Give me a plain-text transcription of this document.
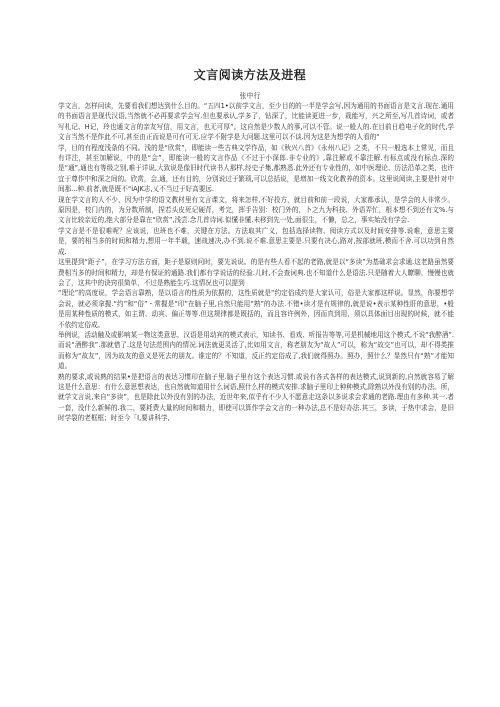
文言阅读方法及进程
张中行

学文言，怎样问读，先要看我们想达到什么目的。“五四1•以前学文言，至少目的的一半是学会写,因为通用的书面语言是文言.现在.通用的书面语言是现代汉语,当然就不必再要求学会写.但也要承认,学多了，钻深了，比能读更进一步，栽能写，兴之所至,写几首诗词，或者写札记、H记，玲也通文言的亲友写信，用文言，也无可厚”。这自然是少数人的事,可以不管。说一般人的.在目前日趋电子化的时代,学文言当然不是作此不可,甚至由正而说是可有可无.应学不附学是大问题.这里可以不谈.因为这是为想学的人看的“

学，目的有程度浅条的不同。浅的是“欣赏”，即能读一些古典文学作品，如《秋兴八首》《永州八记》之类，不只一般选本上常见，而且有详注，甚至加解说，中的是“会”，即能读一般的文言作品《不过于小深郎.非专业的》,靠注解或不靠注解.有标点或没有标点.深的是“通”,通也有等级之別,难于详说,大致说是像旧时代读书人那样,经史子集,都熟悉.此外还有专业性的，如中医理论、历法沿革之类，也许宜于尊作中和深之间的。欣赏，会,通，还有目的，分别说过于繁琐,可以总括说，是增加一线文化教养的资本。这里说阅读,主要是针对中间那...种.前者,就是既不“iAJK志,乂不当过于好高要远.

现在学文言的人不少，因为中学的语文教材里有文言课文，将来怎样,不好投方，就目前和前一段说，大家都承认，是学会的人非常少。原因是，校门内的，为分数所制，捏若头皮死记硬背，考完，挥手告别：校门外的，卜之九为科技、外语弄忙，根本想不到还有文%.与文言比较亲近的,绝大部分是靠在“欣赏”,浅尝.念几首诗词.似懂非懂.未移到先一处,面很生，不懒，总之，事实始没有学会.

学文言是不是很难呢？应该说，也班也不难，关键在方法。方法取其广义，包括选择读物、阅读方式以及时间安排等.说难，意思主要是，要的相当多的时间和精力,想用一年半载，速战速决,办不到.说不难.意思主要是.只要有决心,路对,按部就班,模而不舍.可以功到自然成.

这里提到“距子”，在学习方法方面，距子是原则问时，要先说说。的是有些人看不起的老路,就是以“多读”为基础求会求通.这老路虽然要费相当多的时间和精力，却是有保证的通路.我们都有学说话的经验.儿时,不会查词典.也不知道什么是语法.只是随着大人瞭聊，慢慢也就会了，这其中的诀窍很简单，不过是熟能生巧.这情况也可以提到

“理论”的高度说，学会语言靠熟，是以语言的性质为依据的，这性质就是“约定俗成约是大家认可，俗是大家都这样说。显然，你要想学会说，就必须拿握.“约”和“俗”・常握是“印”在脑子里,自然只能用“熟”的办法.不错•读才是有规律的,就是说•表示某种性肝的意思，•般是用某种性质的模式，如主谓、动宾、偏正等等.但这规律都是既括的，而且容许例外，因而真到用，须以具体面目出现的时候，就不能不依约定俗成。

举例说，活动触及或影响某一物这类意思，汉语是用动宾的模式表示，知读书、看戏、听报告等等,可是机械地用这个模式,不说“我醉酒”.而说“酒醉我”.那就惜了.这是句法范围内的情况.词法就更灵活了,比如用文言，称老朋友为“故人”可以，称为“故交”也可以，却不得类推而称为“故友”，因为故友的意义是死去的朋友。谁定的？不知道，反正约定俗成了,我们就得照办。照办，照什么？显然只有“熟”才能知道。

熟的要求,或说熟的结果•是把语言的表达习惯印在脑子里.脑子里有这个表达习惯.或说有各式各样的表达模式,说到新的,自然就容易了解这是什么意思：有什么意思想表达，也自然就知道用什么词语,照什么样的模式安排.求脑子里印上种种模式,除熟以外没有别的办法。所，就学文言说,来自“多读”，也是除此以外没有别的办法，近世年来,似乎有不少人不愿意走这条以多说求会求通的老路.理由有多种.其一.者一套，没什么新鲜的.我二，要耗费大量的时间和精力，即使可以算作学会文言的一种办法,总不是好办法.其三，多读，于热中求会，是旧时学裂的老框框；时至今「I,要讲科学,
